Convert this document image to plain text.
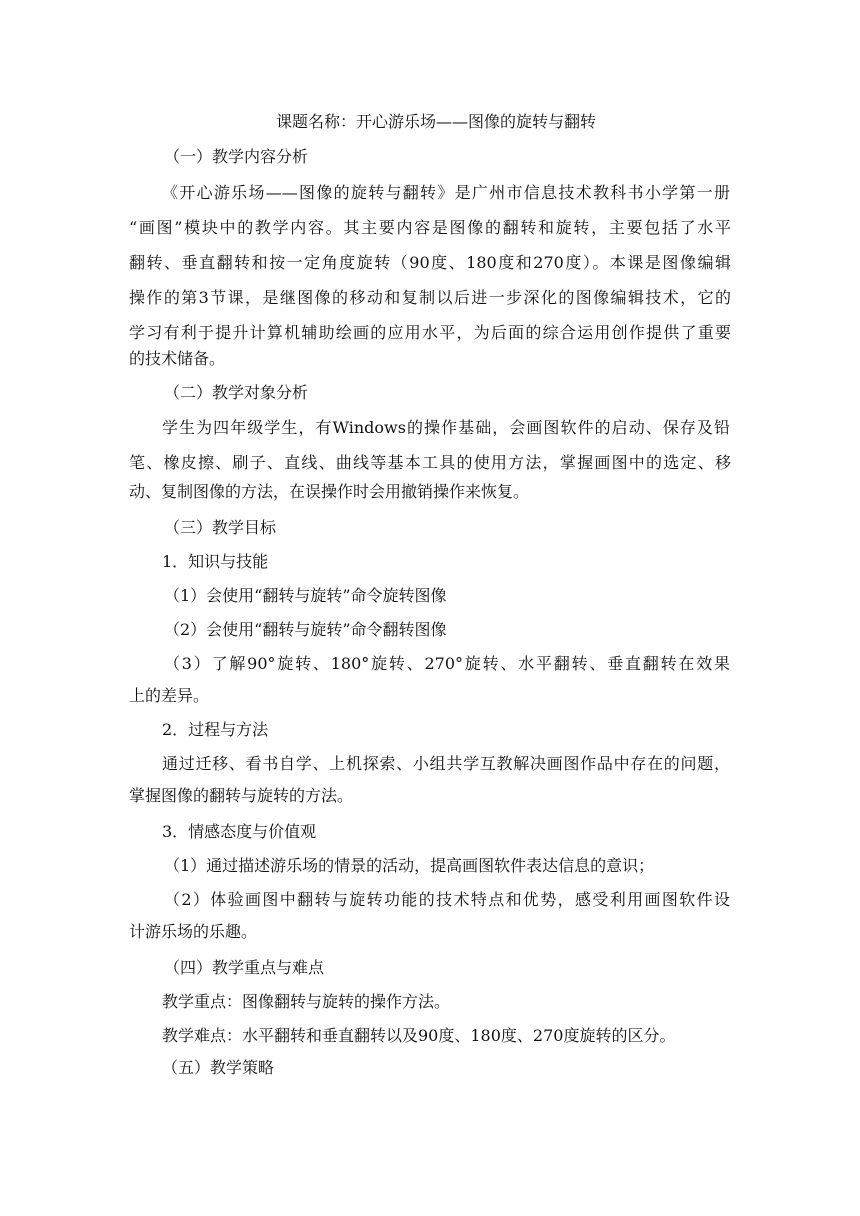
课题名称：开心游乐场——图像的旋转与翻转
（一）教学内容分析
《开心游乐场——图像的旋转与翻转》是广州市信息技术教科书小学第一册
“画图”模块中的教学内容。其主要内容是图像的翻转和旋转，主要包括了水平
翻转、垂直翻转和按一定角度旋转（90度、180度和270度）。本课是图像编辑
操作的第3节课，是继图像的移动和复制以后进一步深化的图像编辑技术，它的
学习有利于提升计算机辅助绘画的应用水平，为后面的综合运用创作提供了重要
的技术储备。
（二）教学对象分析
学生为四年级学生，有Windows的操作基础，会画图软件的启动、保存及铅
笔、橡皮擦、刷子、直线、曲线等基本工具的使用方法，掌握画图中的选定、移
动、复制图像的方法，在误操作时会用撤销操作来恢复。
（三）教学目标
1．知识与技能
（1）会使用“翻转与旋转”命令旋转图像
（2）会使用“翻转与旋转”命令翻转图像
（3）了解90°旋转、180°旋转、270°旋转、水平翻转、垂直翻转在效果
上的差异。
2．过程与方法
通过迁移、看书自学、上机探索、小组共学互教解决画图作品中存在的问题，
掌握图像的翻转与旋转的方法。
3．情感态度与价值观
（1）通过描述游乐场的情景的活动，提高画图软件表达信息的意识；
（2）体验画图中翻转与旋转功能的技术特点和优势，感受利用画图软件设
计游乐场的乐趣。
（四）教学重点与难点
教学重点：图像翻转与旋转的操作方法。
教学难点：水平翻转和垂直翻转以及90度、180度、270度旋转的区分。
（五）教学策略
